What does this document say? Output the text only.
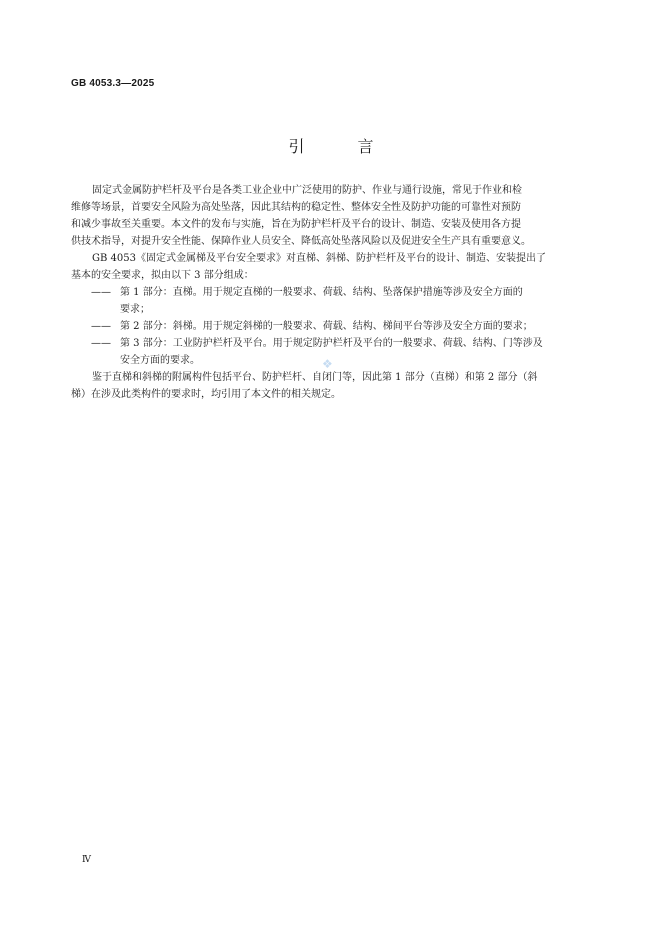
GB 4053.3—2025
引 言
固定式金属防护栏杆及平台是各类工业企业中广泛使用的防护、作业与通行设施，常见于作业和检
维修等场景，首要安全风险为高处坠落，因此其结构的稳定性、整体安全性及防护功能的可靠性对预防
和减少事故至关重要。本文件的发布与实施，旨在为防护栏杆及平台的设计、制造、安装及使用各方提
供技术指导，对提升安全性能、保障作业人员安全、降低高处坠落风险以及促进安全生产具有重要意义。
GB 4053《固定式金属梯及平台安全要求》对直梯、斜梯、防护栏杆及平台的设计、制造、安装提出了
基本的安全要求，拟由以下 3 部分组成：
—— 第 1 部分：直梯。用于规定直梯的一般要求、荷载、结构、坠落保护措施等涉及安全方面的
要求；
—— 第 2 部分：斜梯。用于规定斜梯的一般要求、荷载、结构、梯间平台等涉及安全方面的要求；
—— 第 3 部分：工业防护栏杆及平台。用于规定防护栏杆及平台的一般要求、荷载、结构、门等涉及
安全方面的要求。
鉴于直梯和斜梯的附属构件包括平台、防护栏杆、自闭门等，因此第 1 部分（直梯）和第 2 部分（斜
梯）在涉及此类构件的要求时，均引用了本文件的相关规定。
❖
Ⅳ
